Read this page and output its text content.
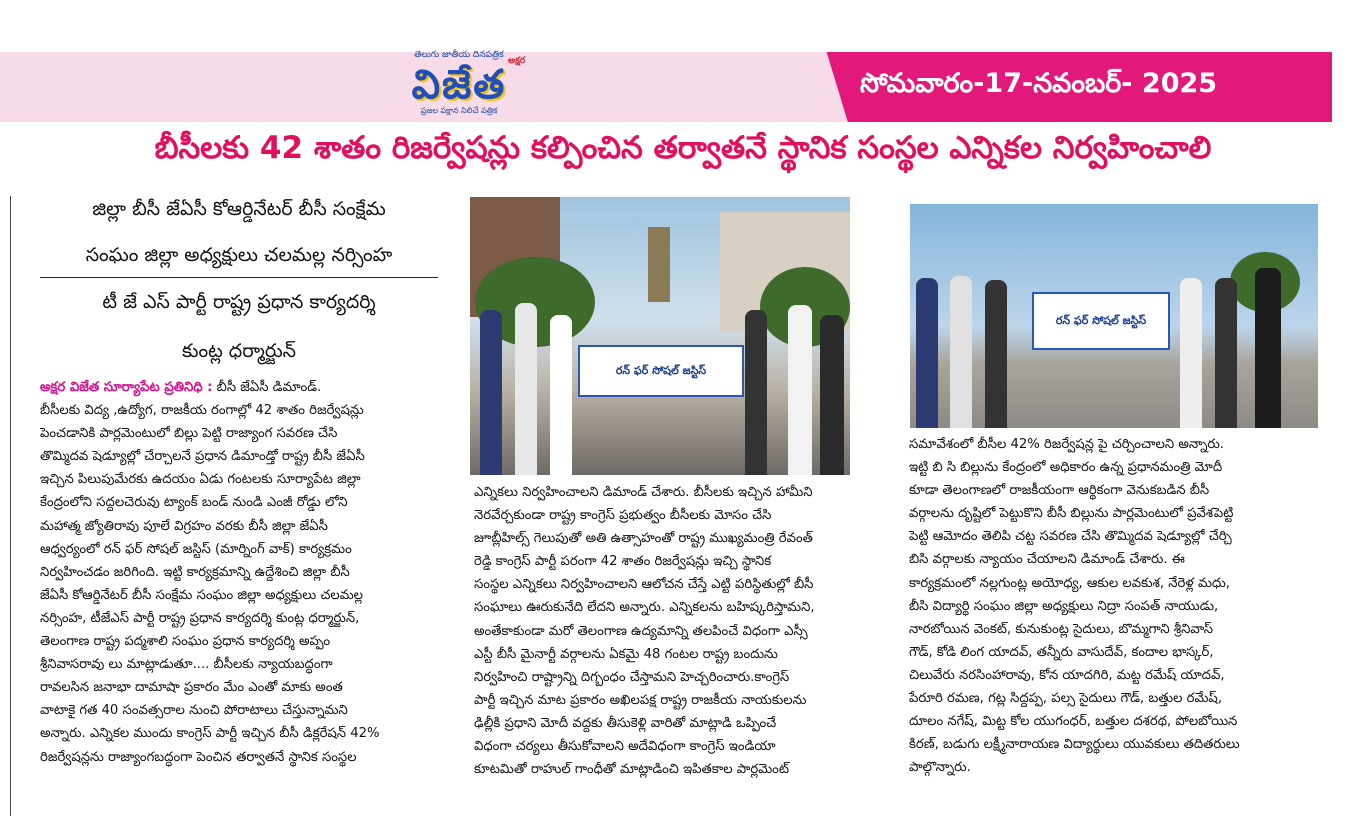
తెలుగు జాతీయ దినపత్రిక
అక్షర
విజేత
ప్రజల పక్షాన నిలిచే పత్రిక
సోమవారం-17-నవంబర్- 2025
బీసీలకు 42 శాతం రిజర్వేషన్లు కల్పించిన తర్వాతనే స్థానిక సంస్థల ఎన్నికల నిర్వహించాలి
జిల్లా బీసీ జేఏసీ కోఆర్డినేటర్ బీసీ సంక్షేమ
సంఘం జిల్లా అధ్యక్షులు చలమల్ల నర్సింహ
టీ జే ఎస్ పార్టీ రాష్ట్ర ప్రధాన కార్యదర్శి
కుంట్ల ధర్మార్జున్
అక్షర విజేత సూర్యాపేట ప్రతినిధి : బీసీ జేఏసీ డిమాండ్.
బీసీలకు విద్య ,ఉద్యోగ, రాజకీయ రంగాల్లో 42 శాతం రిజర్వేషన్లు
పెంచడానికి పార్లమెంటులో బిల్లు పెట్టి రాజ్యాంగ సవరణ చేసి
తొమ్మిదవ షెడ్యూల్లో చేర్చాలనే ప్రధాన డిమాండ్తో రాష్ట్ర బీసీ జేఏసీ
ఇచ్చిన పిలుపుమేరకు ఉదయం ఏడు గంటలకు సూర్యాపేట జిల్లా
కేంద్రంలోని సద్దలచెరువు ట్యాంక్ బండ్ నుండి ఎంజీ రోడ్డు లోని
మహాత్మ జ్యోతిరావు పూలే విగ్రహం వరకు బీసీ జిల్లా జేఏసీ
ఆధ్వర్యంలో రన్ ఫర్ సోషల్ జస్టిస్ (మార్నింగ్ వాక్) కార్యక్రమం
నిర్వహించడం జరిగింది. ఇట్టి కార్యక్రమాన్ని ఉద్దేశించి జిల్లా బీసీ
జేఏసీ కోఆర్డినేటర్ బీసీ సంక్షేమ సంఘం జిల్లా అధ్యక్షులు చలమల్ల
నర్సింహ, టీజేఎస్ పార్టీ రాష్ట్ర ప్రధాన కార్యదర్శి కుంట్ల ధర్మార్జున్,
తెలంగాణ రాష్ట్ర పద్మశాలి సంఘం ప్రధాన కార్యదర్శి అప్పం
శ్రీనివాసరావు లు మాట్లాడుతూ.... బీసీలకు న్యాయబద్ధంగా
రావలసిన జనాభా దామాషా ప్రకారం మేం ఎంతో మాకు అంత
వాటాకై గత 40 సంవత్సరాల నుంచి పోరాటాలు చేస్తున్నామని
అన్నారు. ఎన్నికల ముందు కాంగ్రెస్ పార్టీ ఇచ్చిన బీసీ డిక్లరేషన్ 42%
రిజర్వేషన్లను రాజ్యాంగబద్ధంగా పెంచిన తర్వాతనే స్థానిక సంస్థల
రన్ ఫర్ సోషల్ జస్టిస్
ఎన్నికలు నిర్వహించాలని డిమాండ్ చేశారు. బీసీలకు ఇచ్చిన హామీని
నెరవేర్చకుండా రాష్ట్ర కాంగ్రెస్ ప్రభుత్వం బీసీలకు మోసం చేసి
జూబ్లీహిల్స్ గెలుపుతో అతి ఉత్సాహంతో రాష్ట్ర ముఖ్యమంత్రి రేవంత్
రెడ్డి కాంగ్రెస్ పార్టీ పరంగా 42 శాతం రిజర్వేషన్లు ఇచ్చి స్థానిక
సంస్థల ఎన్నికలు నిర్వహించాలని ఆలోచన చేస్తే ఎట్టి పరిస్థితుల్లో బీసీ
సంఘాలు ఊరుకునేది లేదని అన్నారు. ఎన్నికలను బహిష్కరిస్తామని,
అంతేకాకుండా మరో తెలంగాణ ఉద్యమాన్ని తలపించే విధంగా ఎస్సీ
ఎస్టీ బీసీ మైనార్టీ వర్గాలను ఏకమై 48 గంటల రాష్ట్ర బందును
నిర్వహించి రాష్ట్రాన్ని దిగ్బంధం చేస్తామని హెచ్చరించారు.కాంగ్రెస్
పార్టీ ఇచ్చిన మాట ప్రకారం అఖిలపక్ష రాష్ట్ర రాజకీయ నాయకులను
ఢిల్లీకి ప్రధాని మోదీ వద్దకు తీసుకెళ్లి వారితో మాట్లాడి ఒప్పించే
విధంగా చర్యలు తీసుకోవాలని అదేవిధంగా కాంగ్రెస్ ఇండియా
కూటమితో రాహుల్ గాంధీతో మాట్లాడించి ఇపితకాల పార్లమెంట్
రన్ ఫర్ సోషల్ జస్టిస్
సమావేశంలో బీసీల 42% రిజర్వేషన్ల పై చర్చించాలని అన్నారు.
ఇట్టి బి సి బిల్లును కేంద్రంలో అధికారం ఉన్న ప్రధానమంత్రి మోదీ
కూడా తెలంగాణలో రాజకీయంగా ఆర్థికంగా వెనుకబడిన బీసీ
వర్గాలను దృష్టిలో పెట్టుకొని బీసీ బిల్లును పార్లమెంటులో ప్రవేశపెట్టి
పెట్టి ఆమోదం తెలిపి చట్ట సవరణ చేసి తొమ్మిదవ షెడ్యూల్లో చేర్చి
బిసి వర్గాలకు న్యాయం చేయాలని డిమాండ్ చేశారు. ఈ
కార్యక్రమంలో నల్లగుంట్ల అయోధ్య, ఆకుల లవకుశ, నేరెళ్ల మధు,
బీసి విద్యార్థి సంఘం జిల్లా అధ్యక్షులు నిద్రా సంపత్ నాయుడు,
నారబోయిన వెంకట్, కునుకుంట్ల సైదులు, బొమ్మగాని శ్రీనివాస్
గౌడ్, కోడి లింగ యాదవ్, తన్నీరు వాసుదేవ్, కందాల భాస్కర్,
చిలువేరు నరసింహారావు, కోన యాదగిరి, మట్ట రమేష్ యాదవ్,
పేరూరి రమణ, గట్ల సిద్దప్ప, పల్స సైదులు గౌడ్, బత్తుల రమేష్,
దూలం నగేష్, మిట్ట కోల యుగంధర్, బత్తుల దశరథ, పోలబోయిన
కిరణ్, బడుగు లక్ష్మీనారాయణ విద్యార్థులు యువకులు తదితరులు
పాల్గొన్నారు.
